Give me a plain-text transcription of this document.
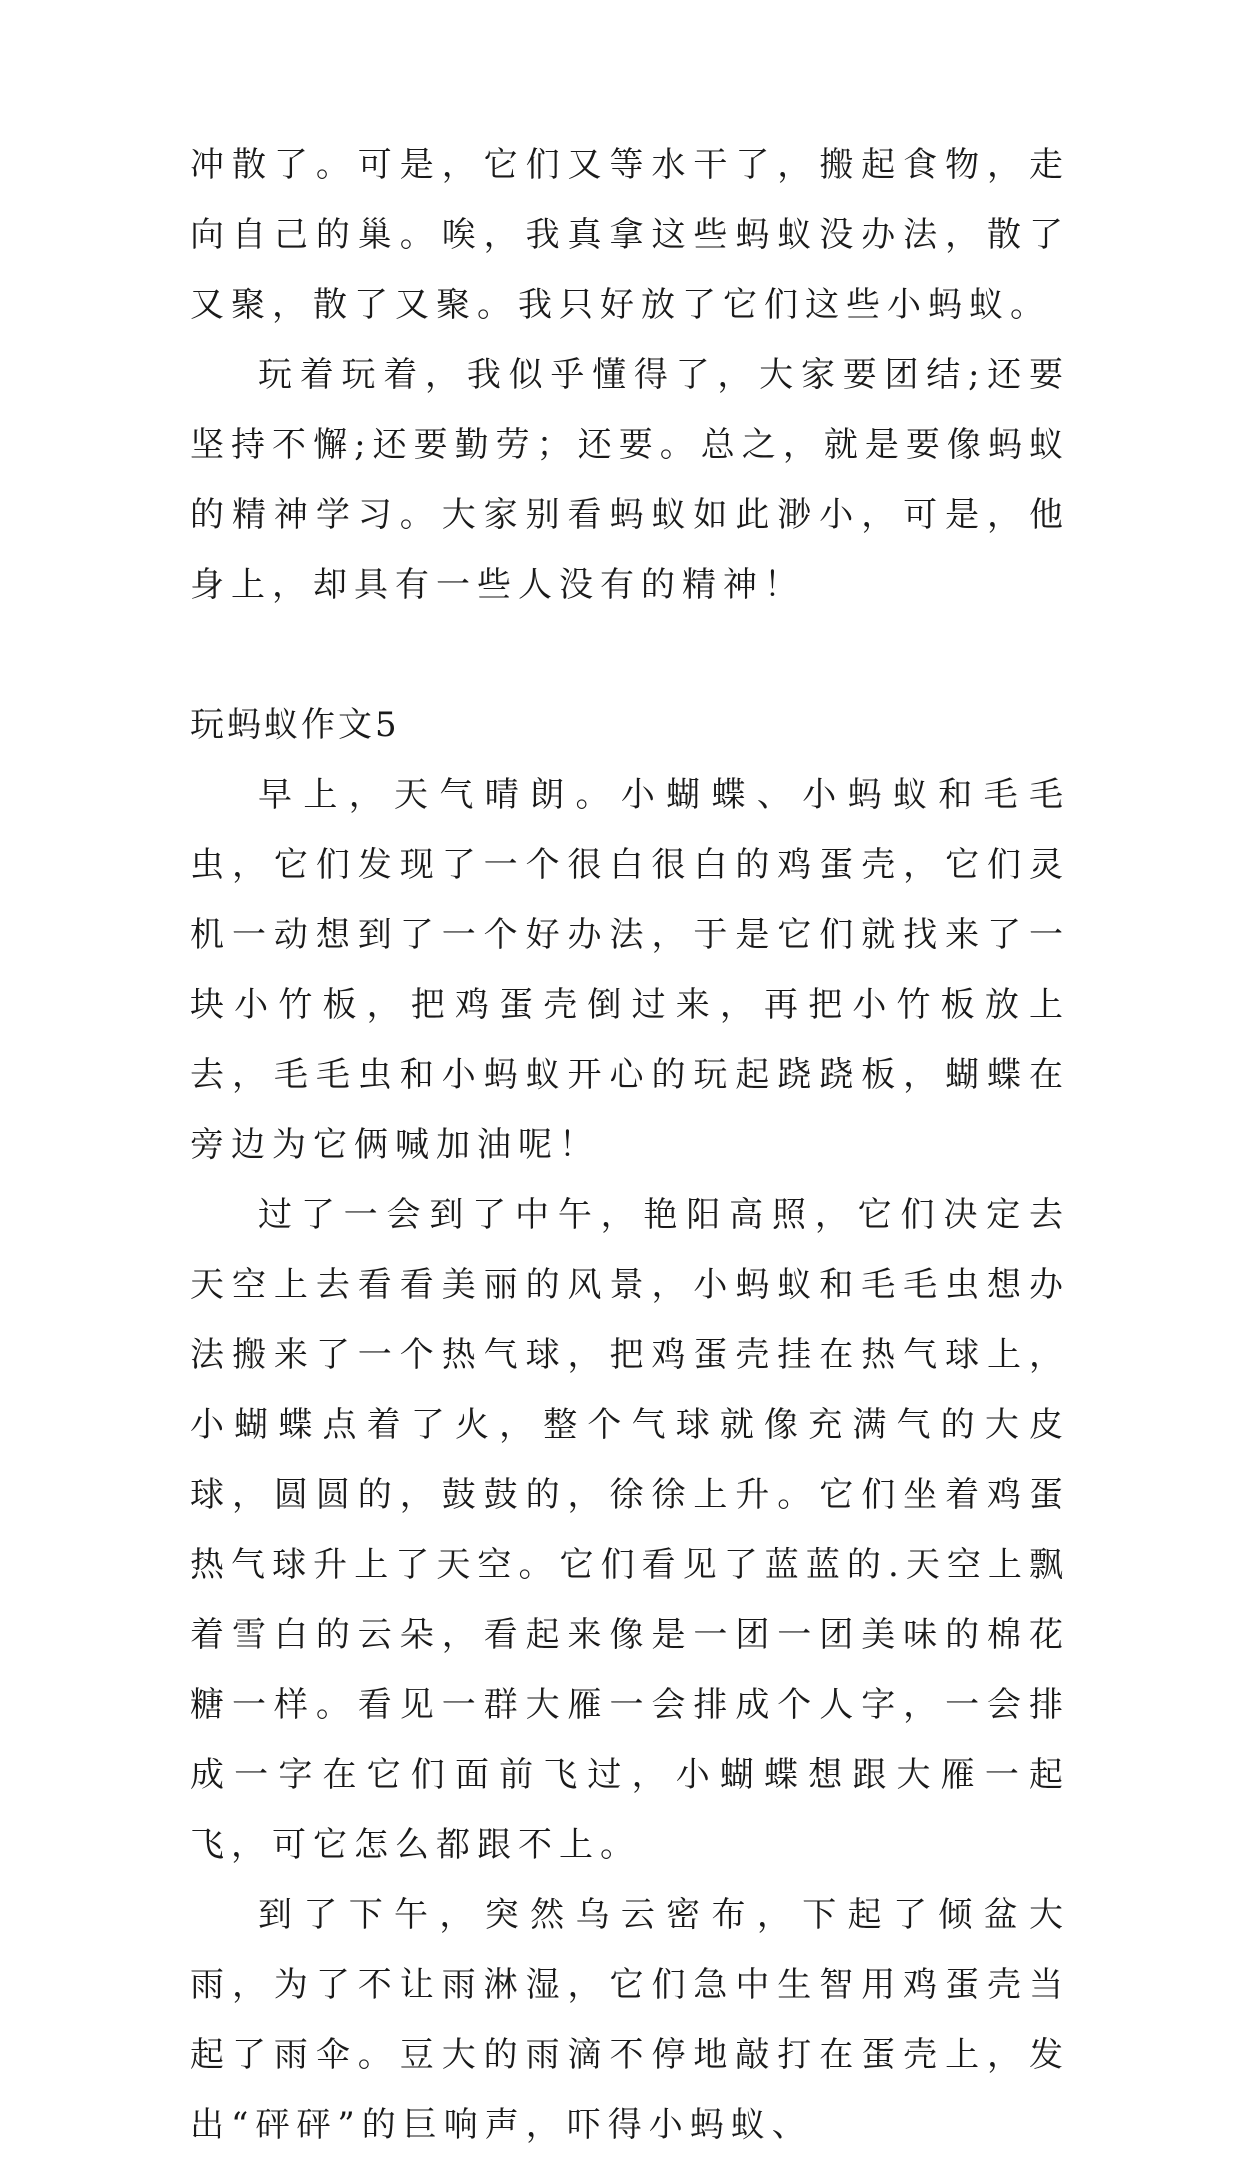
冲散了。可是，它们又等水干了，搬起食物，走向自己的巢。唉，我真拿这些蚂蚁没办法，散了又聚，散了又聚。我只好放了它们这些小蚂蚁。

玩着玩着，我似乎懂得了，大家要团结;还要坚持不懈;还要勤劳；还要。总之，就是要像蚂蚁的精神学习。大家别看蚂蚁如此渺小，可是，他身上，却具有一些人没有的精神！

玩蚂蚁作文5

早上，天气晴朗。小蝴蝶、小蚂蚁和毛毛虫，它们发现了一个很白很白的鸡蛋壳，它们灵机一动想到了一个好办法，于是它们就找来了一块小竹板，把鸡蛋壳倒过来，再把小竹板放上去，毛毛虫和小蚂蚁开心的玩起跷跷板，蝴蝶在旁边为它俩喊加油呢！

过了一会到了中午，艳阳高照，它们决定去天空上去看看美丽的风景，小蚂蚁和毛毛虫想办法搬来了一个热气球，把鸡蛋壳挂在热气球上，小蝴蝶点着了火，整个气球就像充满气的大皮球，圆圆的，鼓鼓的，徐徐上升。它们坐着鸡蛋热气球升上了天空。它们看见了蓝蓝的.天空上飘着雪白的云朵，看起来像是一团一团美味的棉花糖一样。看见一群大雁一会排成个人字，一会排成一字在它们面前飞过，小蝴蝶想跟大雁一起飞，可它怎么都跟不上。

到了下午，突然乌云密布，下起了倾盆大雨，为了不让雨淋湿，它们急中生智用鸡蛋壳当起了雨伞。豆大的雨滴不停地敲打在蛋壳上，发出“砰砰”的巨响声，吓得小蚂蚁、
